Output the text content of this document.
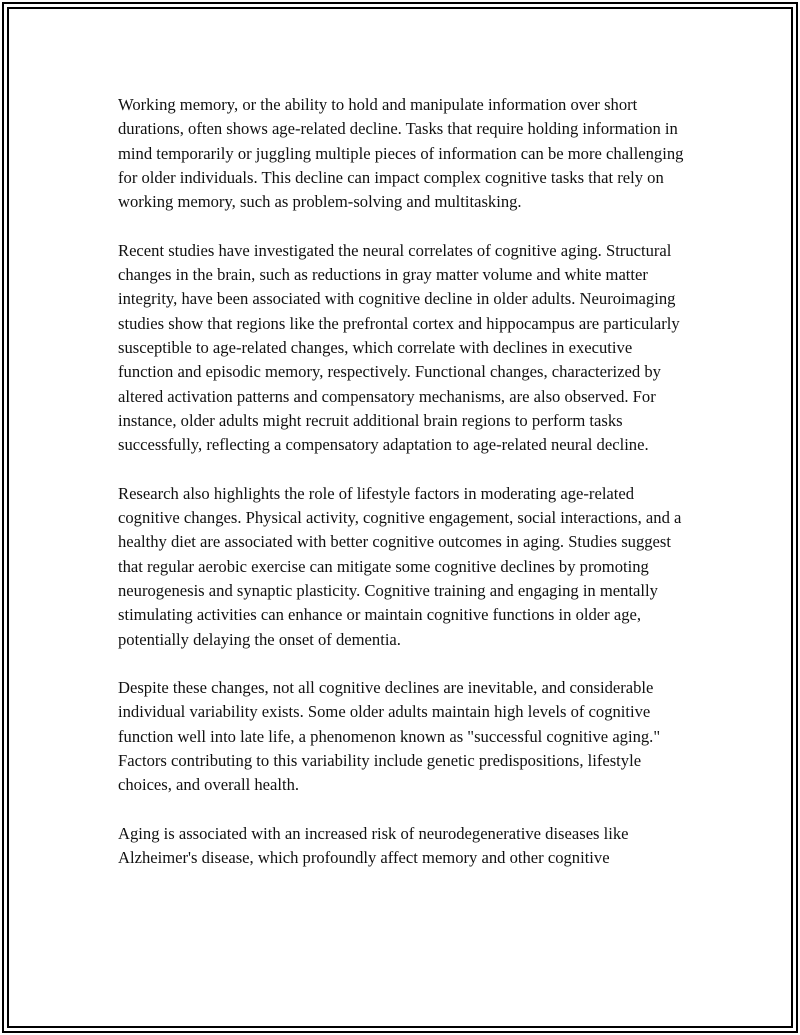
Working memory, or the ability to hold and manipulate information over short durations, often shows age-related decline. Tasks that require holding information in mind temporarily or juggling multiple pieces of information can be more challenging for older individuals. This decline can impact complex cognitive tasks that rely on working memory, such as problem-solving and multitasking.

Recent studies have investigated the neural correlates of cognitive aging. Structural changes in the brain, such as reductions in gray matter volume and white matter integrity, have been associated with cognitive decline in older adults. Neuroimaging studies show that regions like the prefrontal cortex and hippocampus are particularly susceptible to age-related changes, which correlate with declines in executive function and episodic memory, respectively. Functional changes, characterized by altered activation patterns and compensatory mechanisms, are also observed. For instance, older adults might recruit additional brain regions to perform tasks successfully, reflecting a compensatory adaptation to age-related neural decline.

Research also highlights the role of lifestyle factors in moderating age-related cognitive changes. Physical activity, cognitive engagement, social interactions, and a healthy diet are associated with better cognitive outcomes in aging. Studies suggest that regular aerobic exercise can mitigate some cognitive declines by promoting neurogenesis and synaptic plasticity. Cognitive training and engaging in mentally stimulating activities can enhance or maintain cognitive functions in older age, potentially delaying the onset of dementia.

Despite these changes, not all cognitive declines are inevitable, and considerable individual variability exists. Some older adults maintain high levels of cognitive function well into late life, a phenomenon known as "successful cognitive aging." Factors contributing to this variability include genetic predispositions, lifestyle choices, and overall health.

Aging is associated with an increased risk of neurodegenerative diseases like Alzheimer's disease, which profoundly affect memory and other cognitive
